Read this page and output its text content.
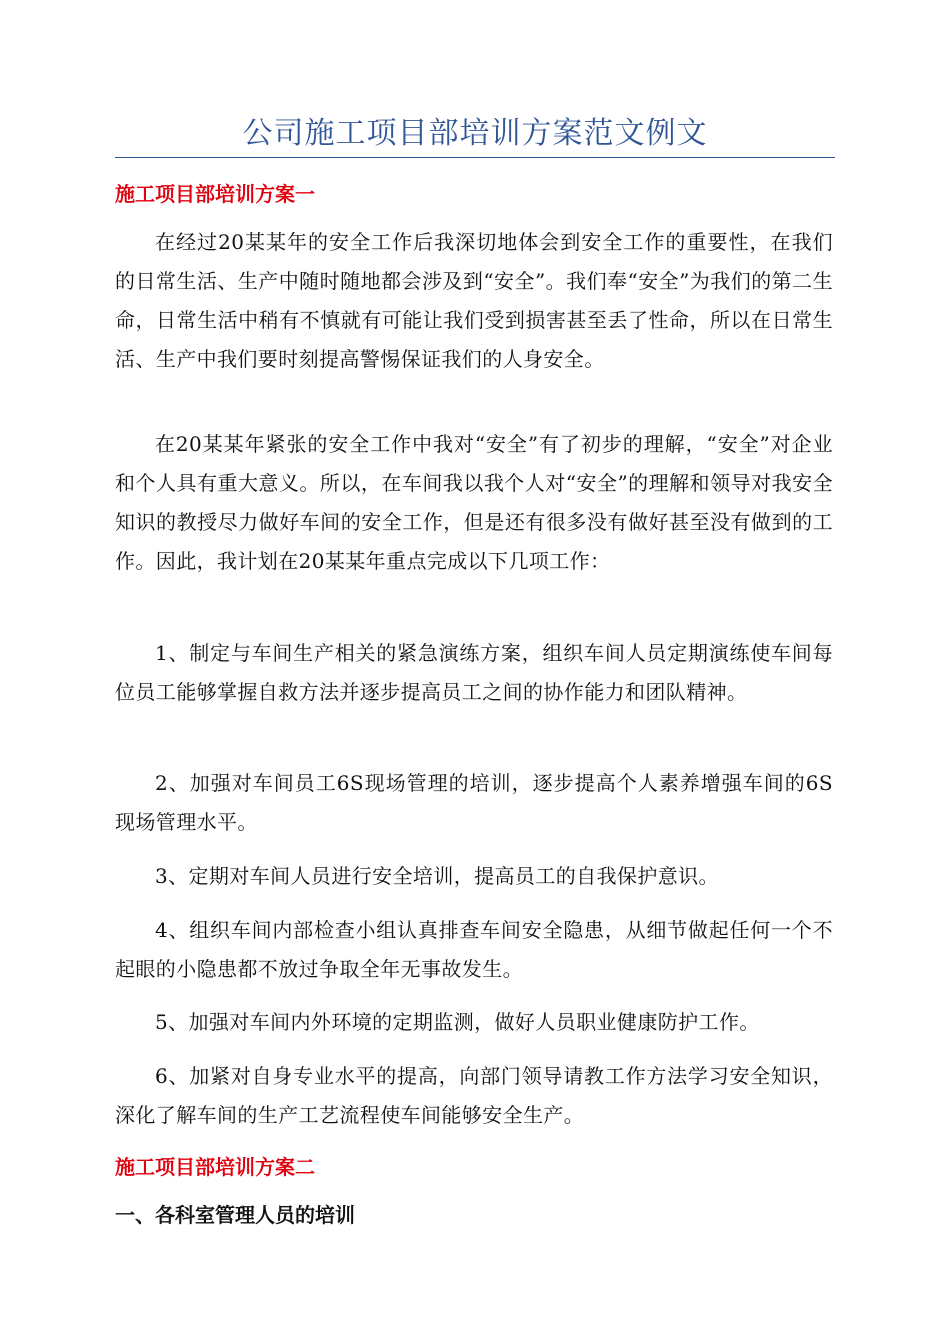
公司施工项目部培训方案范文例文
施工项目部培训方案一

在经过20某某年的安全工作后我深切地体会到安全工作的重要性，在我们的日常生活、生产中随时随地都会涉及到“安全”。我们奉“安全”为我们的第二生命，日常生活中稍有不慎就有可能让我们受到损害甚至丢了性命，所以在日常生活、生产中我们要时刻提高警惕保证我们的人身安全。

在20某某年紧张的安全工作中我对“安全”有了初步的理解，“安全”对企业和个人具有重大意义。所以，在车间我以我个人对“安全”的理解和领导对我安全知识的教授尽力做好车间的安全工作，但是还有很多没有做好甚至没有做到的工作。因此，我计划在20某某年重点完成以下几项工作：

1、制定与车间生产相关的紧急演练方案，组织车间人员定期演练使车间每位员工能够掌握自救方法并逐步提高员工之间的协作能力和团队精神。

2、加强对车间员工6S现场管理的培训，逐步提高个人素养增强车间的6S现场管理水平。

3、定期对车间人员进行安全培训，提高员工的自我保护意识。

4、组织车间内部检查小组认真排查车间安全隐患，从细节做起任何一个不起眼的小隐患都不放过争取全年无事故发生。

5、加强对车间内外环境的定期监测，做好人员职业健康防护工作。

6、加紧对自身专业水平的提高，向部门领导请教工作方法学习安全知识，深化了解车间的生产工艺流程使车间能够安全生产。

施工项目部培训方案二
一、各科室管理人员的培训
